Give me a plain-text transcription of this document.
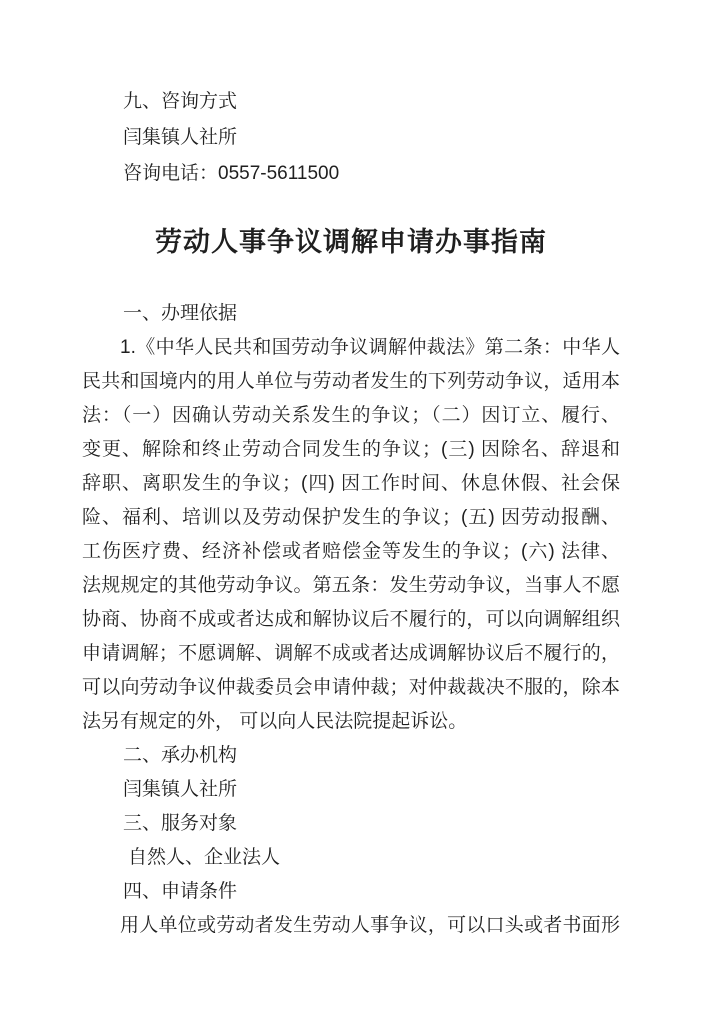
九、咨询方式
闫集镇人社所
咨询电话：0557-5611500
劳动人事争议调解申请办事指南
一、办理依据
1.《中华人民共和国劳动争议调解仲裁法》第二条：中华人
民共和国境内的用人单位与劳动者发生的下列劳动争议，适用本
法：（一）因确认劳动关系发生的争议；（二）因订立、履行、
变更、解除和终止劳动合同发生的争议；(三) 因除名、辞退和
辞职、离职发生的争议；(四) 因工作时间、休息休假、社会保
险、福利、培训以及劳动保护发生的争议；(五) 因劳动报酬、
工伤医疗费、经济补偿或者赔偿金等发生的争议；(六) 法律、
法规规定的其他劳动争议。第五条：发生劳动争议，当事人不愿
协商、协商不成或者达成和解协议后不履行的，可以向调解组织
申请调解；不愿调解、调解不成或者达成调解协议后不履行的，
可以向劳动争议仲裁委员会申请仲裁；对仲裁裁决不服的，除本
法另有规定的外， 可以向人民法院提起诉讼。
二、承办机构
闫集镇人社所
三、服务对象
自然人、企业法人
四、申请条件
用人单位或劳动者发生劳动人事争议，可以口头或者书面形
